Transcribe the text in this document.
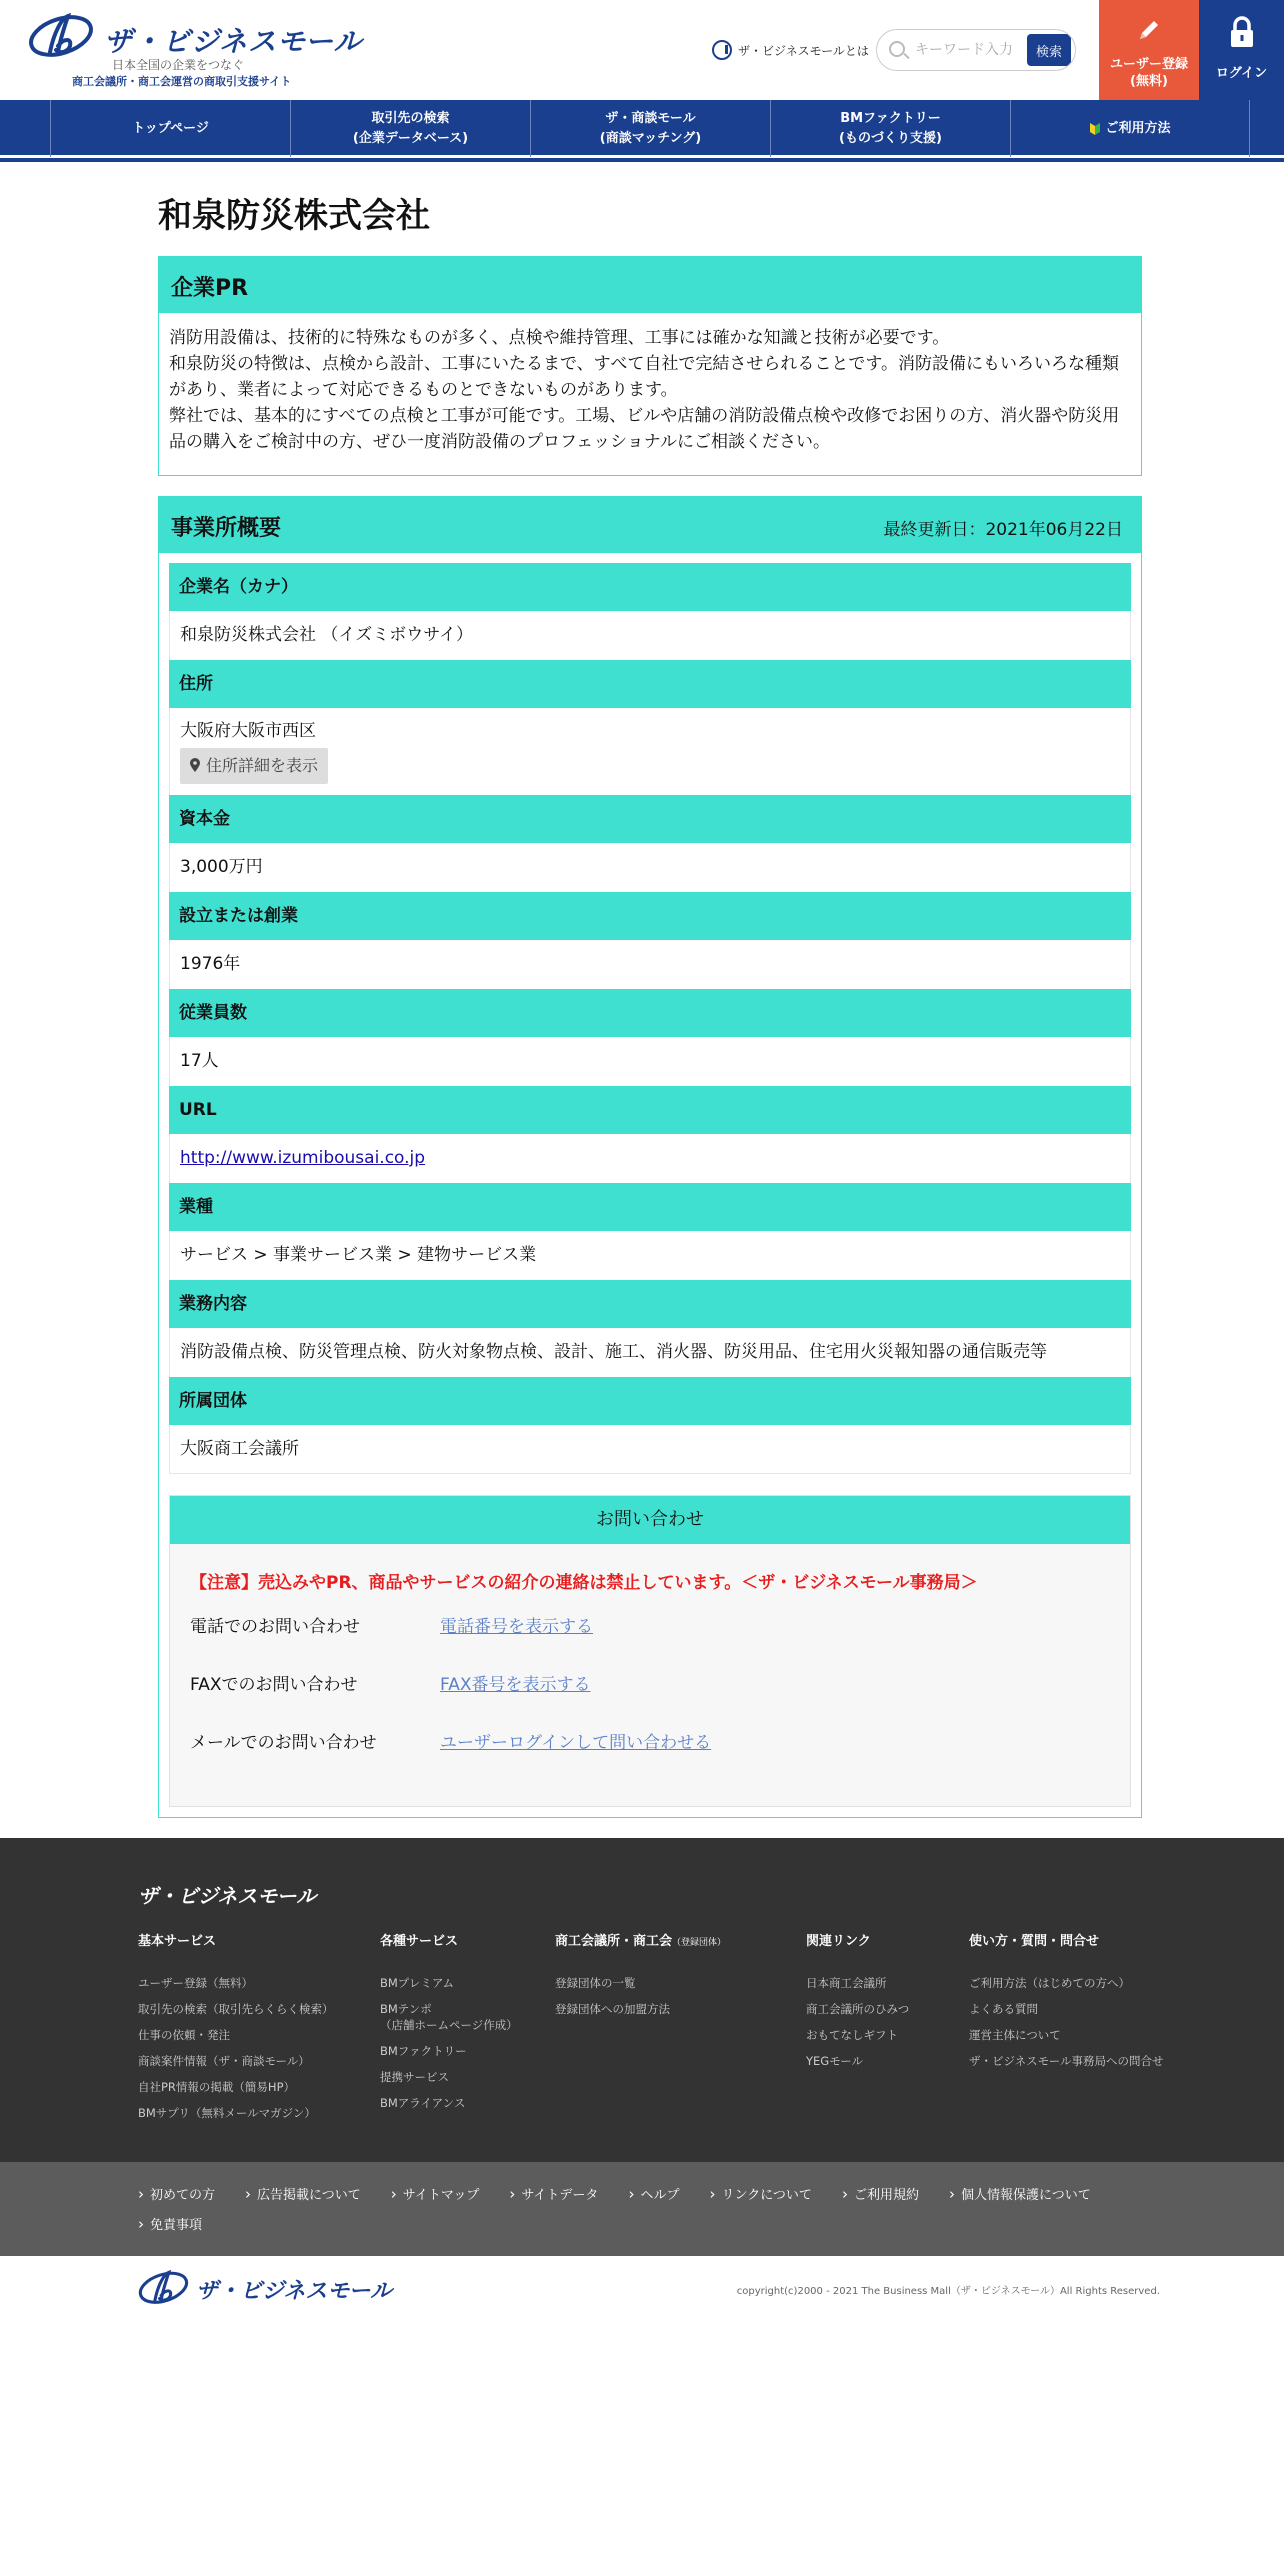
ザ・ビジネスモール
日本全国の企業をつなぐ
商工会議所・商工会運営の商取引支援サイト
ザ・ビジネスモールとは
キーワード入力	検索
ユーザー登録
(無料)
ログイン
トップページ
取引先の検索
(企業データベース)
ザ・商談モール
(商談マッチング)
BMファクトリー
(ものづくり支援)
ご利用方法
和泉防災株式会社
企業PR
消防用設備は、技術的に特殊なものが多く、点検や維持管理、工事には確かな知識と技術が必要です。
和泉防災の特徴は、点検から設計、工事にいたるまで、すべて自社で完結させられることです。消防設備にもいろいろな種類があり、業者によって対応できるものとできないものがあります。
弊社では、基本的にすべての点検と工事が可能です。工場、ビルや店舗の消防設備点検や改修でお困りの方、消火器や防災用品の購入をご検討中の方、ぜひ一度消防設備のプロフェッショナルにご相談ください。
事業所概要	最終更新日：2021年06月22日
企業名（カナ）
和泉防災株式会社 （イズミボウサイ）
住所
大阪府大阪市西区
住所詳細を表示
資本金
3,000万円
設立または創業
1976年
従業員数
17人
URL
http://www.izumibousai.co.jp
業種
サービス > 事業サービス業 > 建物サービス業
業務内容
消防設備点検、防災管理点検、防火対象物点検、設計、施工、消火器、防災用品、住宅用火災報知器の通信販売等
所属団体
大阪商工会議所
お問い合わせ
【注意】売込みやPR、商品やサービスの紹介の連絡は禁止しています。＜ザ・ビジネスモール事務局＞
電話でのお問い合わせ	電話番号を表示する
FAXでのお問い合わせ	FAX番号を表示する
メールでのお問い合わせ	ユーザーログインして問い合わせる
ザ・ビジネスモール
基本サービス
ユーザー登録（無料）
取引先の検索（取引先らくらく検索）
仕事の依頼・発注
商談案件情報（ザ・商談モール）
自社PR情報の掲載（簡易HP）
BMサプリ（無料メールマガジン）
各種サービス
BMプレミアム
BMテンポ
（店舗ホームページ作成）
BMファクトリー
提携サービス
BMアライアンス
商工会議所・商工会（登録団体）
登録団体の一覧
登録団体への加盟方法
関連リンク
日本商工会議所
商工会議所のひみつ
おもてなしギフト
YEGモール
使い方・質問・問合せ
ご利用方法（はじめての方へ）
よくある質問
運営主体について
ザ・ビジネスモール事務局への問合せ
› 初めての方	› 広告掲載について	› サイトマップ	› サイトデータ	› ヘルプ	› リンクについて	› ご利用規約	› 個人情報保護について
› 免責事項
ザ・ビジネスモール	copyright(c)2000 - 2021 The Business Mall（ザ・ビジネスモール）All Rights Reserved.
